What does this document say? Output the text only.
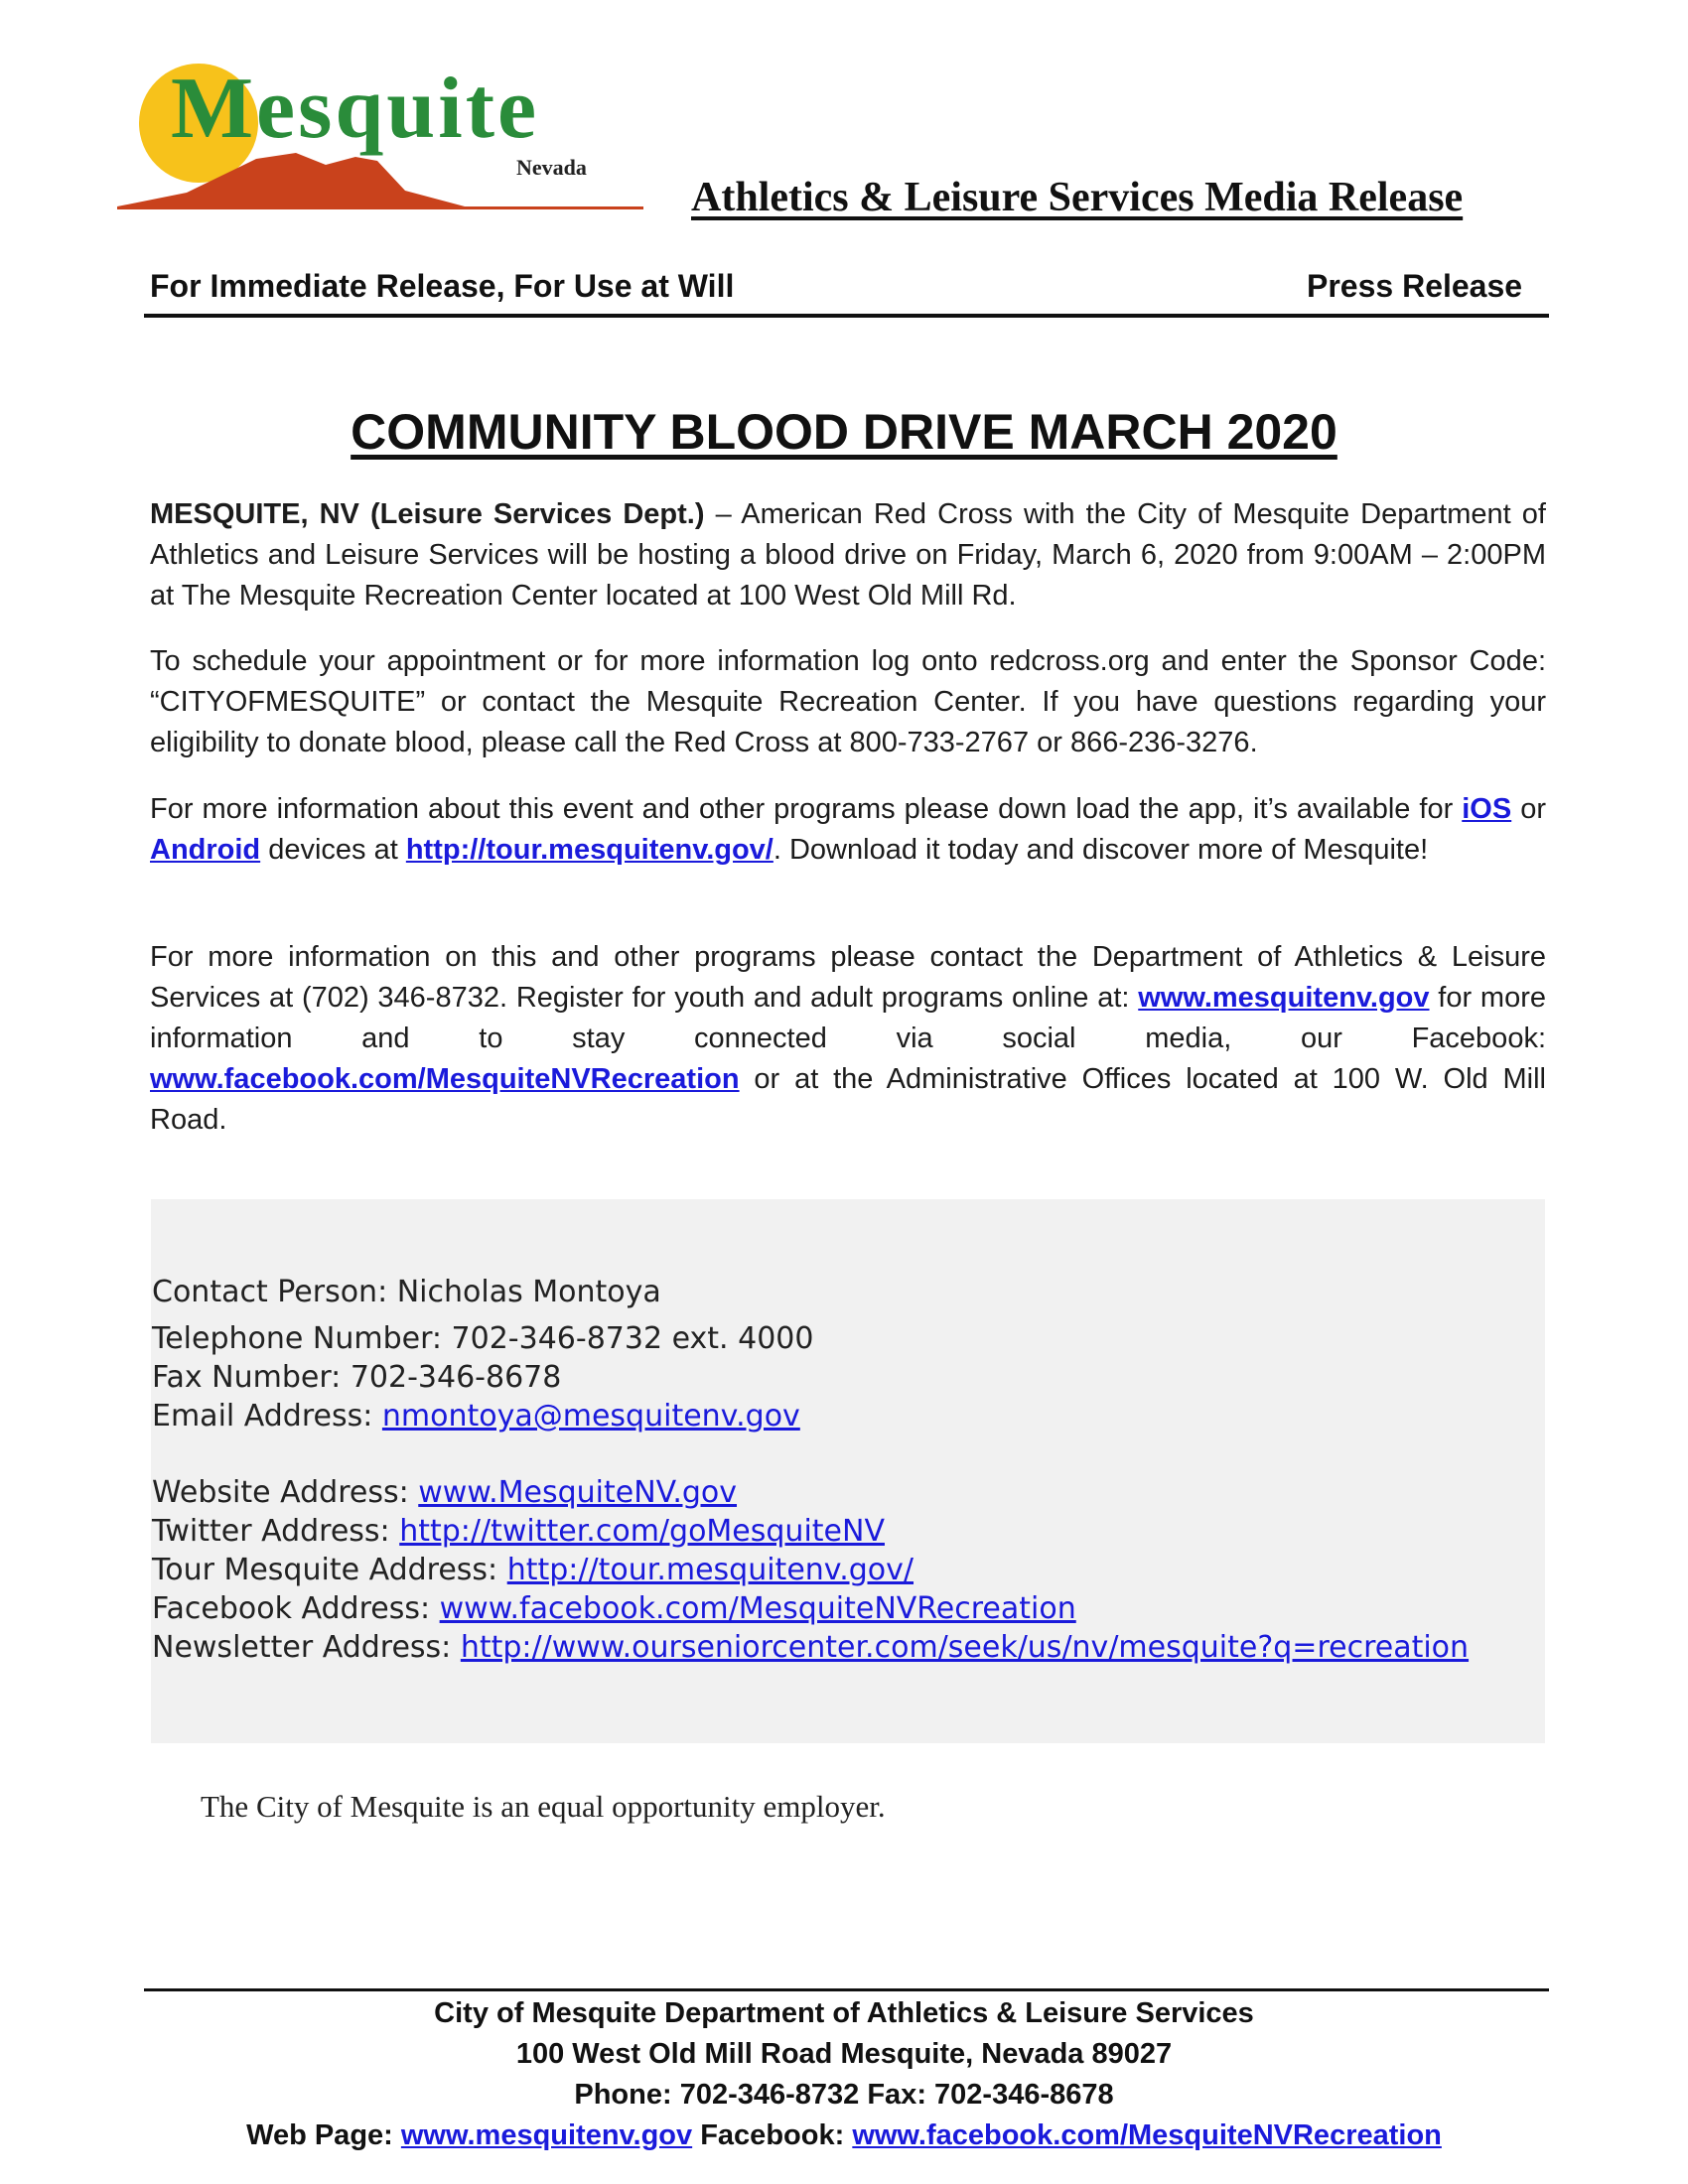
Mesquite
Nevada
Athletics & Leisure Services Media Release
For Immediate Release, For Use at Will	Press Release
COMMUNITY BLOOD DRIVE MARCH 2020
MESQUITE, NV (Leisure Services Dept.) – American Red Cross with the City of Mesquite Department of Athletics and Leisure Services will be hosting a blood drive on Friday, March 6, 2020 from 9:00AM – 2:00PM at The Mesquite Recreation Center located at 100 West Old Mill Rd.
To schedule your appointment or for more information log onto redcross.org and enter the Sponsor Code: “CITYOFMESQUITE” or contact the Mesquite Recreation Center. If you have questions regarding your eligibility to donate blood, please call the Red Cross at 800-733-2767 or 866-236-3276.
For more information about this event and other programs please down load the app, it’s available for iOS or Android devices at http://tour.mesquitenv.gov/. Download it today and discover more of Mesquite!
For more information on this and other programs please contact the Department of Athletics & Leisure Services at (702) 346-8732. Register for youth and adult programs online at: www.mesquitenv.gov for more information and to stay connected via social media, our Facebook: www.facebook.com/MesquiteNVRecreation or at the Administrative Offices located at 100 W. Old Mill Road.
Contact Person: Nicholas Montoya
Telephone Number: 702-346-8732 ext. 4000
Fax Number: 702-346-8678
Email Address: nmontoya@mesquitenv.gov
Website Address: www.MesquiteNV.gov
Twitter Address: http://twitter.com/goMesquiteNV
Tour Mesquite Address: http://tour.mesquitenv.gov/
Facebook Address: www.facebook.com/MesquiteNVRecreation
Newsletter Address: http://www.ourseniorcenter.com/seek/us/nv/mesquite?q=recreation
The City of Mesquite is an equal opportunity employer.
City of Mesquite Department of Athletics & Leisure Services
100 West Old Mill Road Mesquite, Nevada 89027
Phone: 702-346-8732 Fax: 702-346-8678
Web Page: www.mesquitenv.gov Facebook: www.facebook.com/MesquiteNVRecreation
